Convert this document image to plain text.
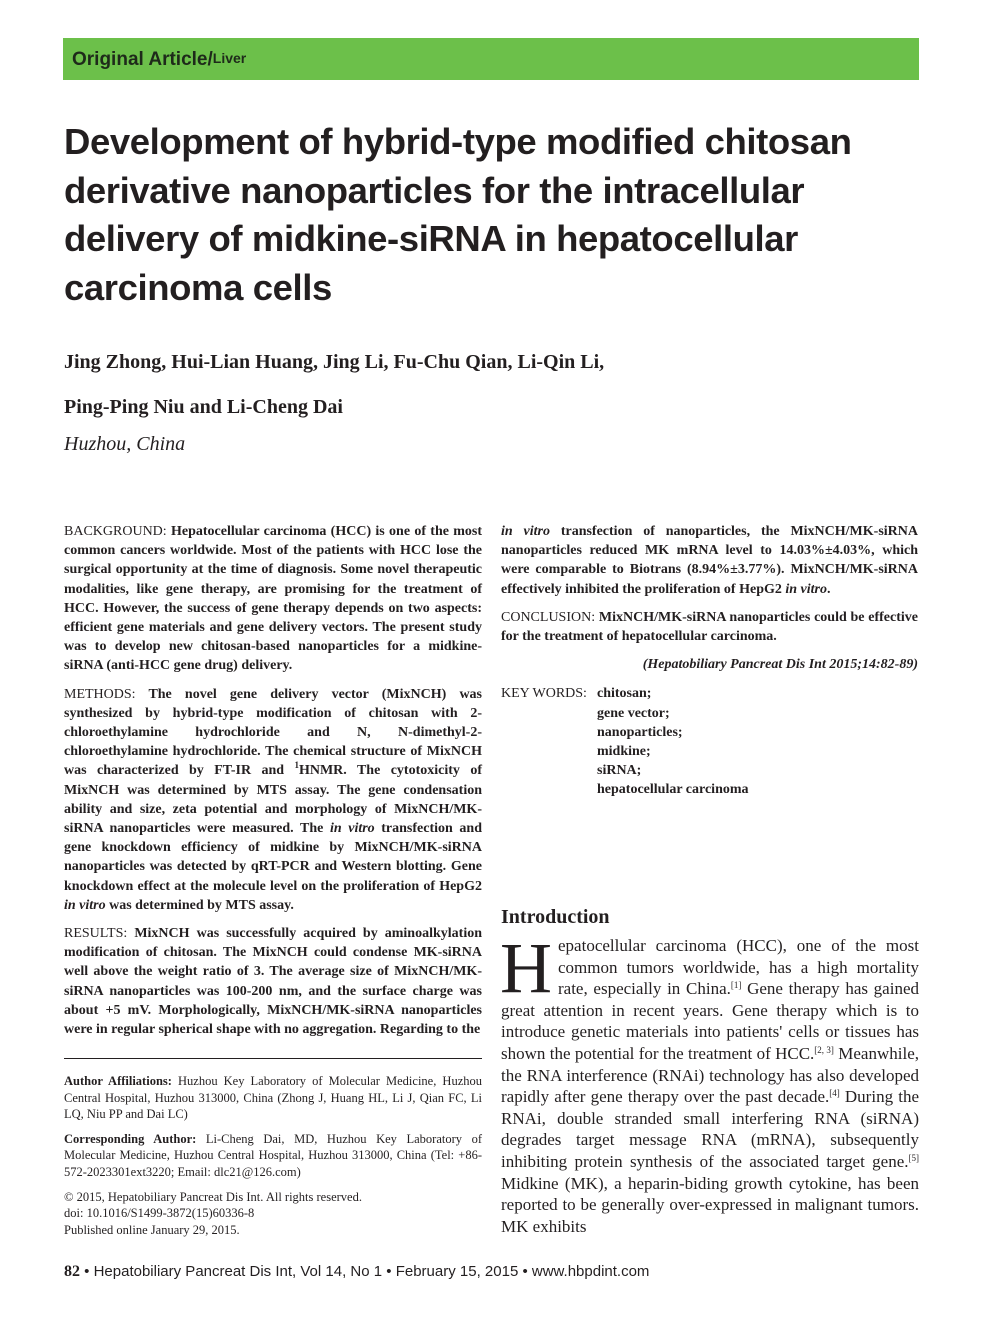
Original Article/Liver
Development of hybrid-type modified chitosan derivative nanoparticles for the intracellular delivery of midkine-siRNA in hepatocellular carcinoma cells
Jing Zhong, Hui-Lian Huang, Jing Li, Fu-Chu Qian, Li-Qin Li,
Ping-Ping Niu and Li-Cheng Dai
Huzhou, China

BACKGROUND: Hepatocellular carcinoma (HCC) is one of the most common cancers worldwide. Most of the patients with HCC lose the surgical opportunity at the time of diagnosis. Some novel therapeutic modalities, like gene therapy, are promising for the treatment of HCC. However, the success of gene therapy depends on two aspects: efficient gene materials and gene delivery vectors. The present study was to develop new chitosan-based nanoparticles for a midkine-siRNA (anti-HCC gene drug) delivery.

METHODS: The novel gene delivery vector (MixNCH) was synthesized by hybrid-type modification of chitosan with 2-chloroethylamine hydrochloride and N, N-dimethyl-2-chloroethylamine hydrochloride. The chemical structure of MixNCH was characterized by FT-IR and $^1$HNMR. The cytotoxicity of MixNCH was determined by MTS assay. The gene condensation ability and size, zeta potential and morphology of MixNCH/MK-siRNA nanoparticles were measured. The in vitro transfection and gene knockdown efficiency of midkine by MixNCH/MK-siRNA nanoparticles was detected by qRT-PCR and Western blotting. Gene knockdown effect at the molecule level on the proliferation of HepG2 in vitro was determined by MTS assay.

RESULTS: MixNCH was successfully acquired by aminoalkylation modification of chitosan. The MixNCH could condense MK-siRNA well above the weight ratio of 3. The average size of MixNCH/MK-siRNA nanoparticles was 100-200 nm, and the surface charge was about +5 mV. Morphologically, MixNCH/MK-siRNA nanoparticles were in regular spherical shape with no aggregation. Regarding to the

in vitro transfection of nanoparticles, the MixNCH/MK-siRNA nanoparticles reduced MK mRNA level to 14.03%±4.03%, which were comparable to Biotrans (8.94%±3.77%). MixNCH/MK-siRNA effectively inhibited the proliferation of HepG2 in vitro.

CONCLUSION: MixNCH/MK-siRNA nanoparticles could be effective for the treatment of hepatocellular carcinoma.

(Hepatobiliary Pancreat Dis Int 2015;14:82-89)

KEY WORDS: chitosan;
gene vector;
nanoparticles;
midkine;
siRNA;
hepatocellular carcinoma

Author Affiliations: Huzhou Key Laboratory of Molecular Medicine, Huzhou Central Hospital, Huzhou 313000, China (Zhong J, Huang HL, Li J, Qian FC, Li LQ, Niu PP and Dai LC)

Corresponding Author: Li-Cheng Dai, MD, Huzhou Key Laboratory of Molecular Medicine, Huzhou Central Hospital, Huzhou 313000, China (Tel: +86-572-2023301ext3220; Email: dlc21@126.com)

© 2015, Hepatobiliary Pancreat Dis Int. All rights reserved.
doi: 10.1016/S1499-3872(15)60336-8
Published online January 29, 2015.
Introduction
Hepatocellular carcinoma (HCC), one of the most common tumors worldwide, has a high mortality rate, especially in China.[1] Gene therapy has gained great attention in recent years. Gene therapy which is to introduce genetic materials into patients' cells or tissues has shown the potential for the treatment of HCC.[2, 3] Meanwhile, the RNA interference (RNAi) technology has also developed rapidly after gene therapy over the past decade.[4] During the RNAi, double stranded small interfering RNA (siRNA) degrades target message RNA (mRNA), subsequently inhibiting protein synthesis of the associated target gene.[5] Midkine (MK), a heparin-biding growth cytokine, has been reported to be generally over-expressed in malignant tumors. MK exhibits
82 • Hepatobiliary Pancreat Dis Int, Vol 14, No 1 • February 15, 2015 • www.hbpdint.com
